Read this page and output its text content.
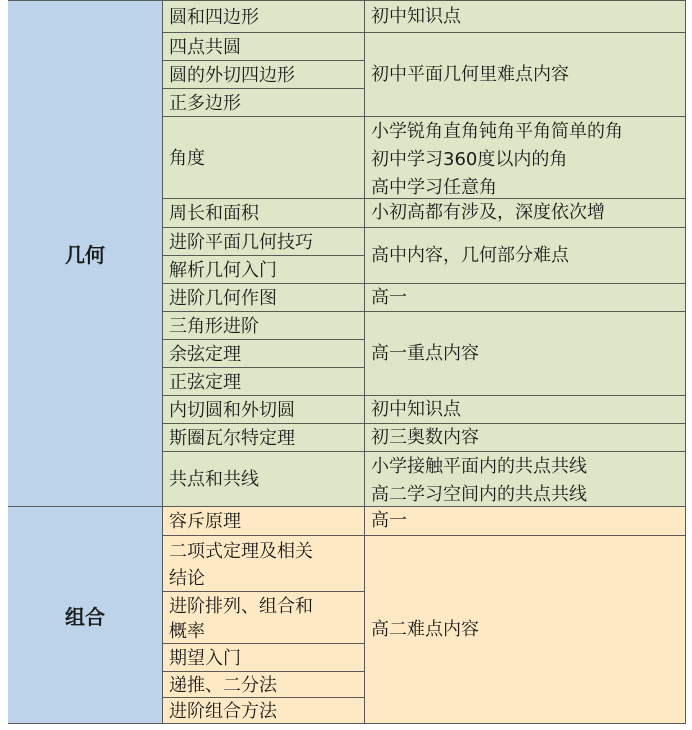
几何
组合
圆和四边形
四点共圆
圆的外切四边形
正多边形
角度
周长和面积
进阶平面几何技巧
解析几何入门
进阶几何作图
三角形进阶
余弦定理
正弦定理
内切圆和外切圆
斯圈瓦尔特定理
共点和共线
初中知识点
初中平面几何里难点内容
小学锐角直角钝角平角简单的角
初中学习360度以内的角
高中学习任意角
小初高都有涉及，深度依次增
高中内容，几何部分难点
高一
高一重点内容
初中知识点
初三奥数内容
小学接触平面内的共点共线
高二学习空间内的共点共线
容斥原理
二项式定理及相关
结论
进阶排列、组合和
概率
期望入门
递推、二分法
进阶组合方法
高一
高二难点内容
